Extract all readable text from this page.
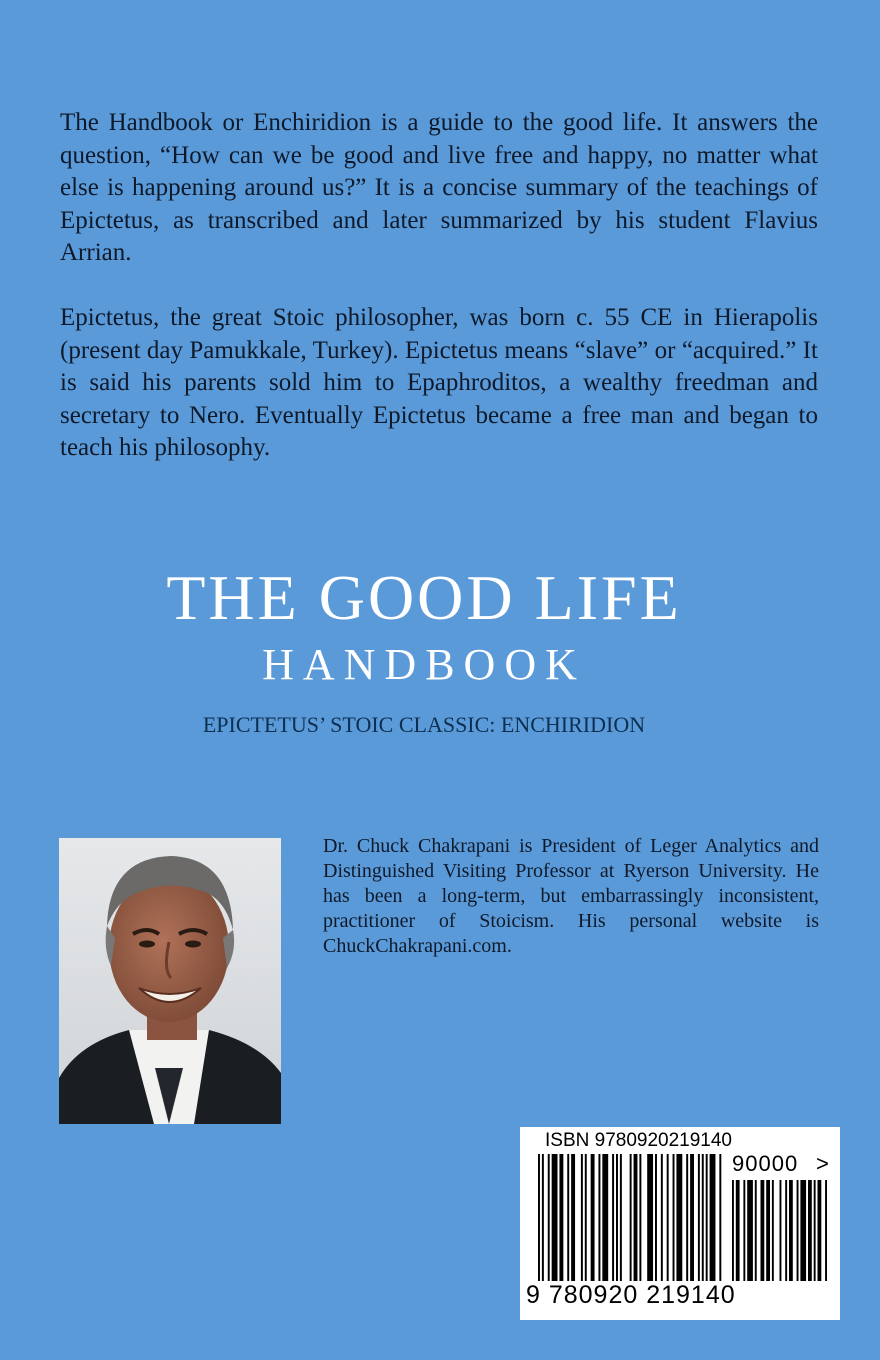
The Handbook or Enchiridion is a guide to the good life. It answers the question, “How can we be good and live free and happy, no matter what else is happening around us?” It is a concise summary of the teachings of Epictetus, as transcribed and later summarized by his student Flavius Arrian.

Epictetus, the great Stoic philosopher, was born c. 55 CE in Hierapolis (present day Pamukkale, Turkey). Epictetus means “slave” or “acquired.” It is said his parents sold him to Epaphroditos, a wealthy freedman and secretary to Nero. Eventually Epictetus became a free man and began to teach his philosophy.

THE GOOD LIFE
HANDBOOK
EPICTETUS’ STOIC CLASSIC: ENCHIRIDION

Dr. Chuck Chakrapani is President of Leger Analytics and Distinguished Visiting Professor at Ryerson University. He has been a long-term, but embarrassingly inconsistent, practitioner of Stoicism. His personal website is ChuckChakrapani.com.

ISBN 9780920219140
90000 >
9 780920 219140
